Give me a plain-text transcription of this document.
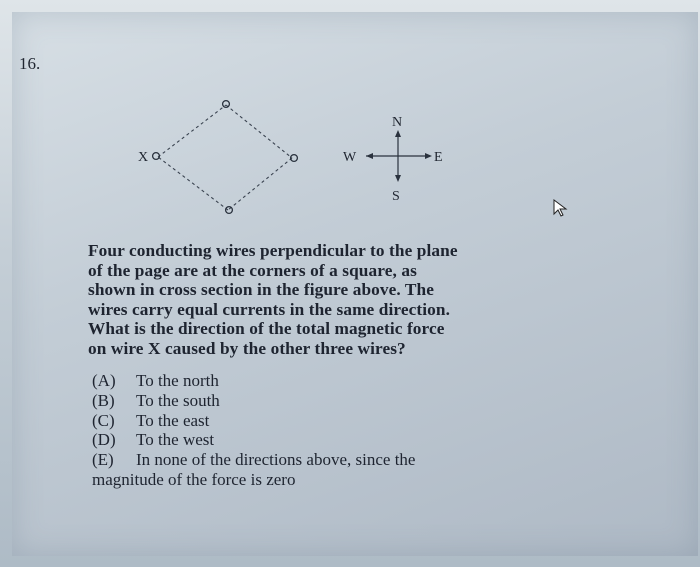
16.
X
N
S
W	E
Four conducting wires perpendicular to the plane
of the page are at the corners of a square, as
shown in cross section in the figure above. The
wires carry equal currents in the same direction.
What is the direction of the total magnetic force
on wire X caused by the other three wires?
(A)	To the north
(B)	To the south
(C)	To the east
(D)	To the west
(E)	In none of the directions above, since the
magnitude of the force is zero
